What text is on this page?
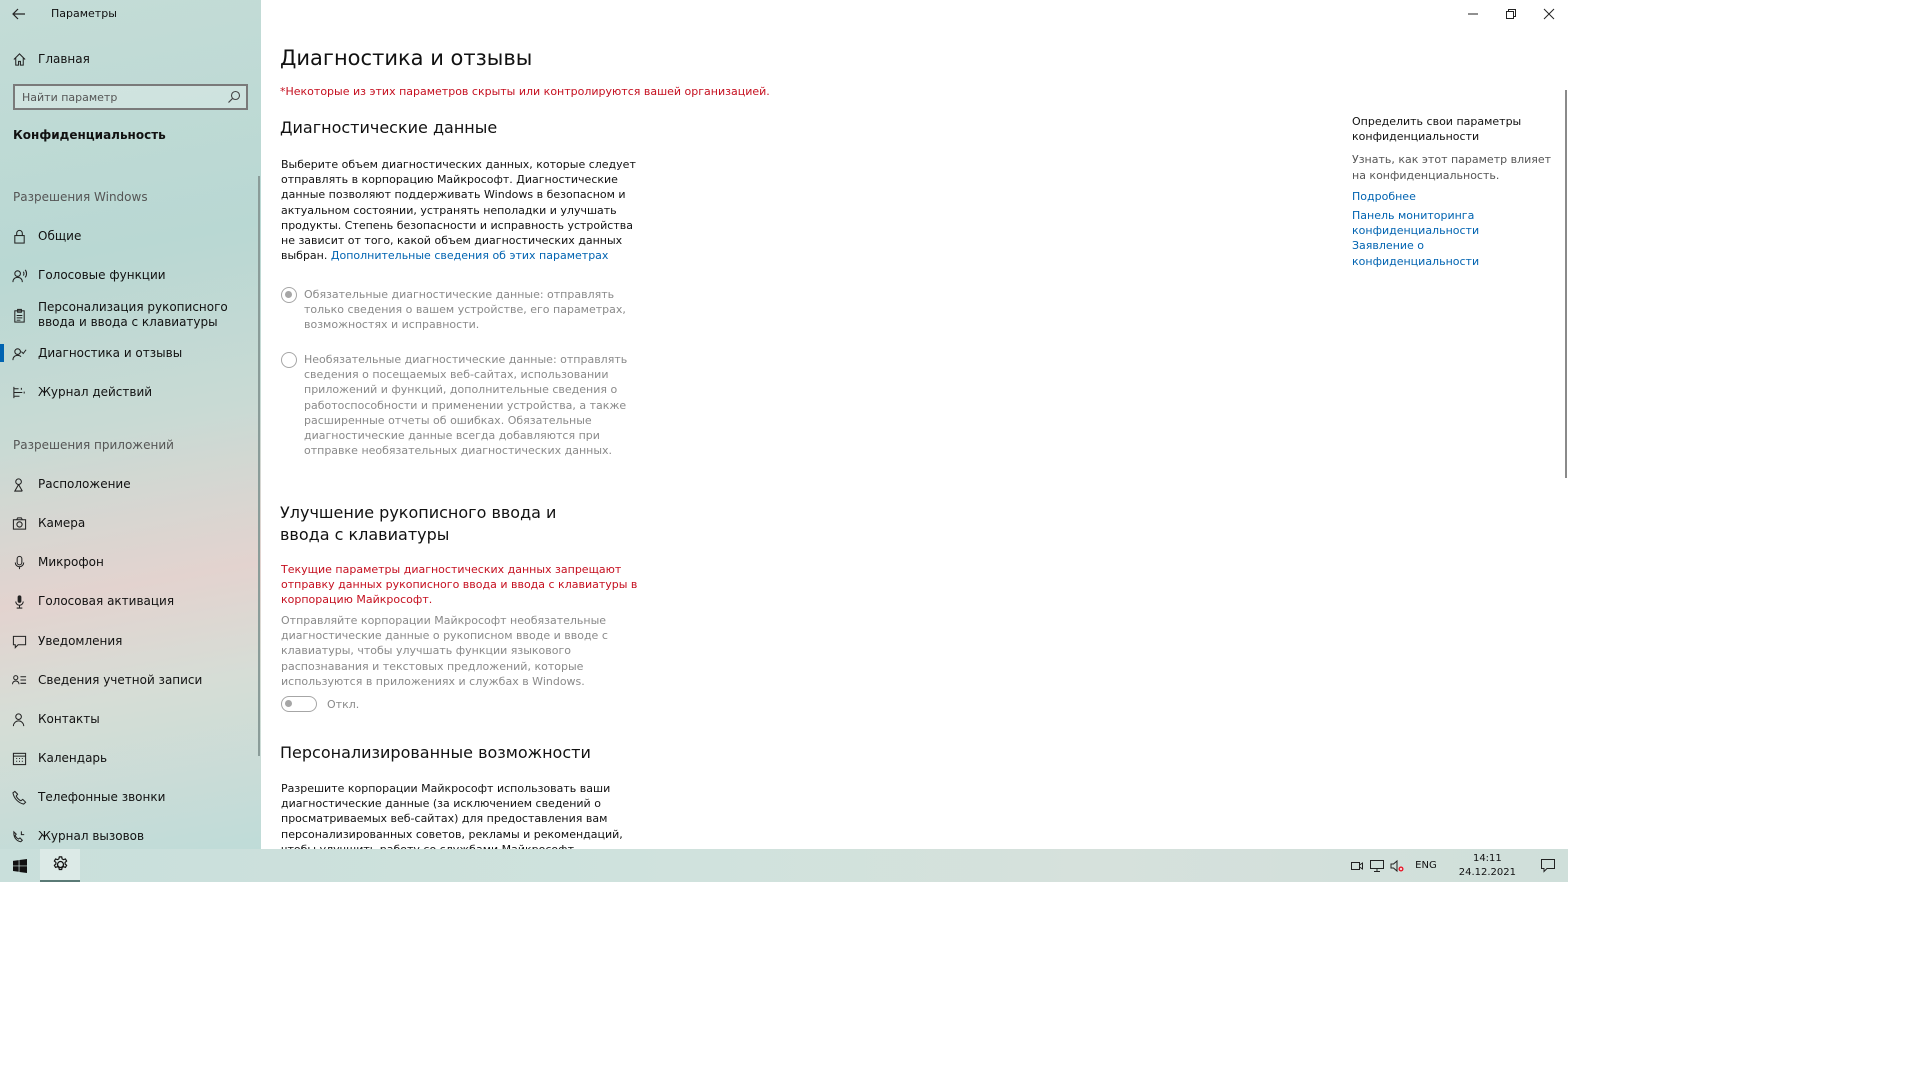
Параметры
Главная
Найти параметр
Конфиденциальность
Разрешения Windows
Общие
Голосовые функции
Персонализация рукописного ввода и ввода с клавиатуры
Диагностика и отзывы
Журнал действий
Разрешения приложений
Расположение
Камера
Микрофон
Голосовая активация
Уведомления
Сведения учетной записи
Контакты
Календарь
Телефонные звонки
Журнал вызовов
Диагностика и отзывы
*Некоторые из этих параметров скрыты или контролируются вашей организацией.
Диагностические данные
Выберите объем диагностических данных, которые следует отправлять в корпорацию Майкрософт. Диагностические данные позволяют поддерживать Windows в безопасном и актуальном состоянии, устранять неполадки и улучшать продукты. Степень безопасности и исправность устройства не зависит от того, какой объем диагностических данных выбран. Дополнительные сведения об этих параметрах
Обязательные диагностические данные: отправлять только сведения о вашем устройстве, его параметрах, возможностях и исправности.
Необязательные диагностические данные: отправлять сведения о посещаемых веб-сайтах, использовании приложений и функций, дополнительные сведения о работоспособности и применении устройства, а также расширенные отчеты об ошибках. Обязательные диагностические данные всегда добавляются при отправке необязательных диагностических данных.
Улучшение рукописного ввода и ввода с клавиатуры
Текущие параметры диагностических данных запрещают отправку данных рукописного ввода и ввода с клавиатуры в корпорацию Майкрософт.
Отправляйте корпорации Майкрософт необязательные диагностические данные о рукописном вводе и вводе с клавиатуры, чтобы улучшать функции языкового распознавания и текстовых предложений, которые используются в приложениях и службах в Windows.
Откл.
Персонализированные возможности
Разрешите корпорации Майкрософт использовать ваши диагностические данные (за исключением сведений о просматриваемых веб-сайтах) для предоставления вам персонализированных советов, рекламы и рекомендаций,
Определить свои параметры конфиденциальности
Узнать, как этот параметр влияет на конфиденциальность.
Подробнее
Панель мониторинга конфиденциальности
Заявление о конфиденциальности
ENG
14:11
24.12.2021
